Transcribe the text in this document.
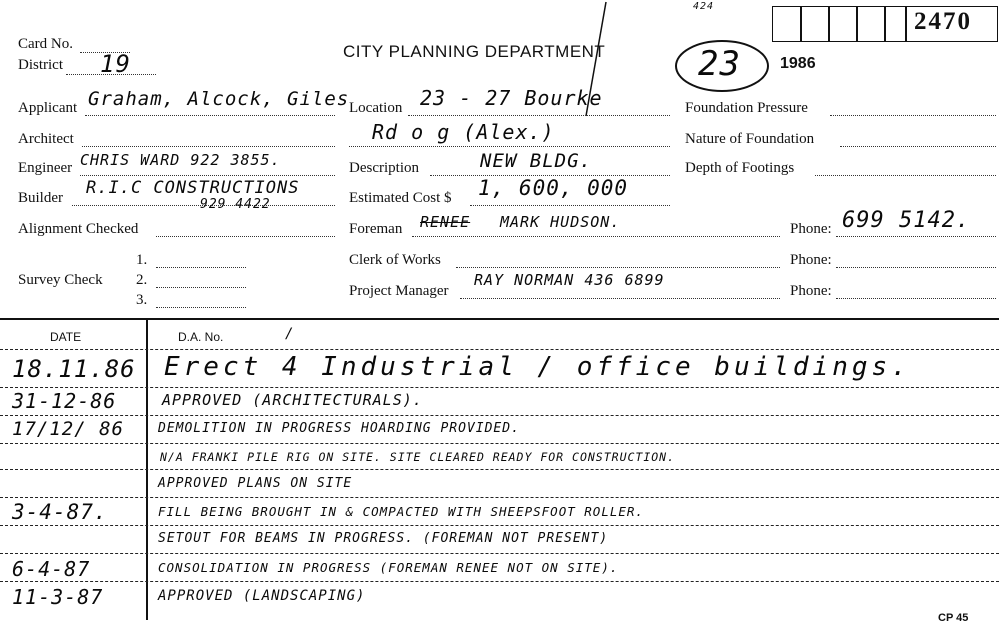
Card No.
District 19	CITY PLANNING DEPARTMENT	23 1986
424
2470
Applicant Graham, Alcock, Giles
Architect
Engineer CHRIS WARD 922 3855.
Builder R.I.C CONSTRUCTIONS
929 4422
Alignment Checked
Survey Check
1.
2.
3.
Location 23 - 27 Bourke
Rd o g (Alex.)
Description	NEW BLDG.
Estimated Cost $ 1, 600, 000
Foreman RENEE MARK HUDSON.
Clerk of Works
Project Manager
RAY NORMAN 436 6899
Foundation Pressure
Nature of Foundation
Depth of Footings
Phone: 699 5142.
Phone:
Phone:
DATE	D.A. No.	/
18.11.86 Erect 4 Industrial / office buildings.
31-12-86	APPROVED (ARCHITECTURALS).
17/12/ 86	DEMOLITION IN PROGRESS HOARDING PROVIDED.
N/A FRANKI PILE RIG ON SITE. SITE CLEARED READY FOR CONSTRUCTION.
APPROVED PLANS ON SITE
3-4-87.	FILL BEING BROUGHT IN & COMPACTED WITH SHEEPSFOOT ROLLER.
SETOUT FOR BEAMS IN PROGRESS. (FOREMAN NOT PRESENT)
6-4-87	CONSOLIDATION IN PROGRESS (FOREMAN RENEE NOT ON SITE).
11-3-87	APPROVED (LANDSCAPING)
CP 45
